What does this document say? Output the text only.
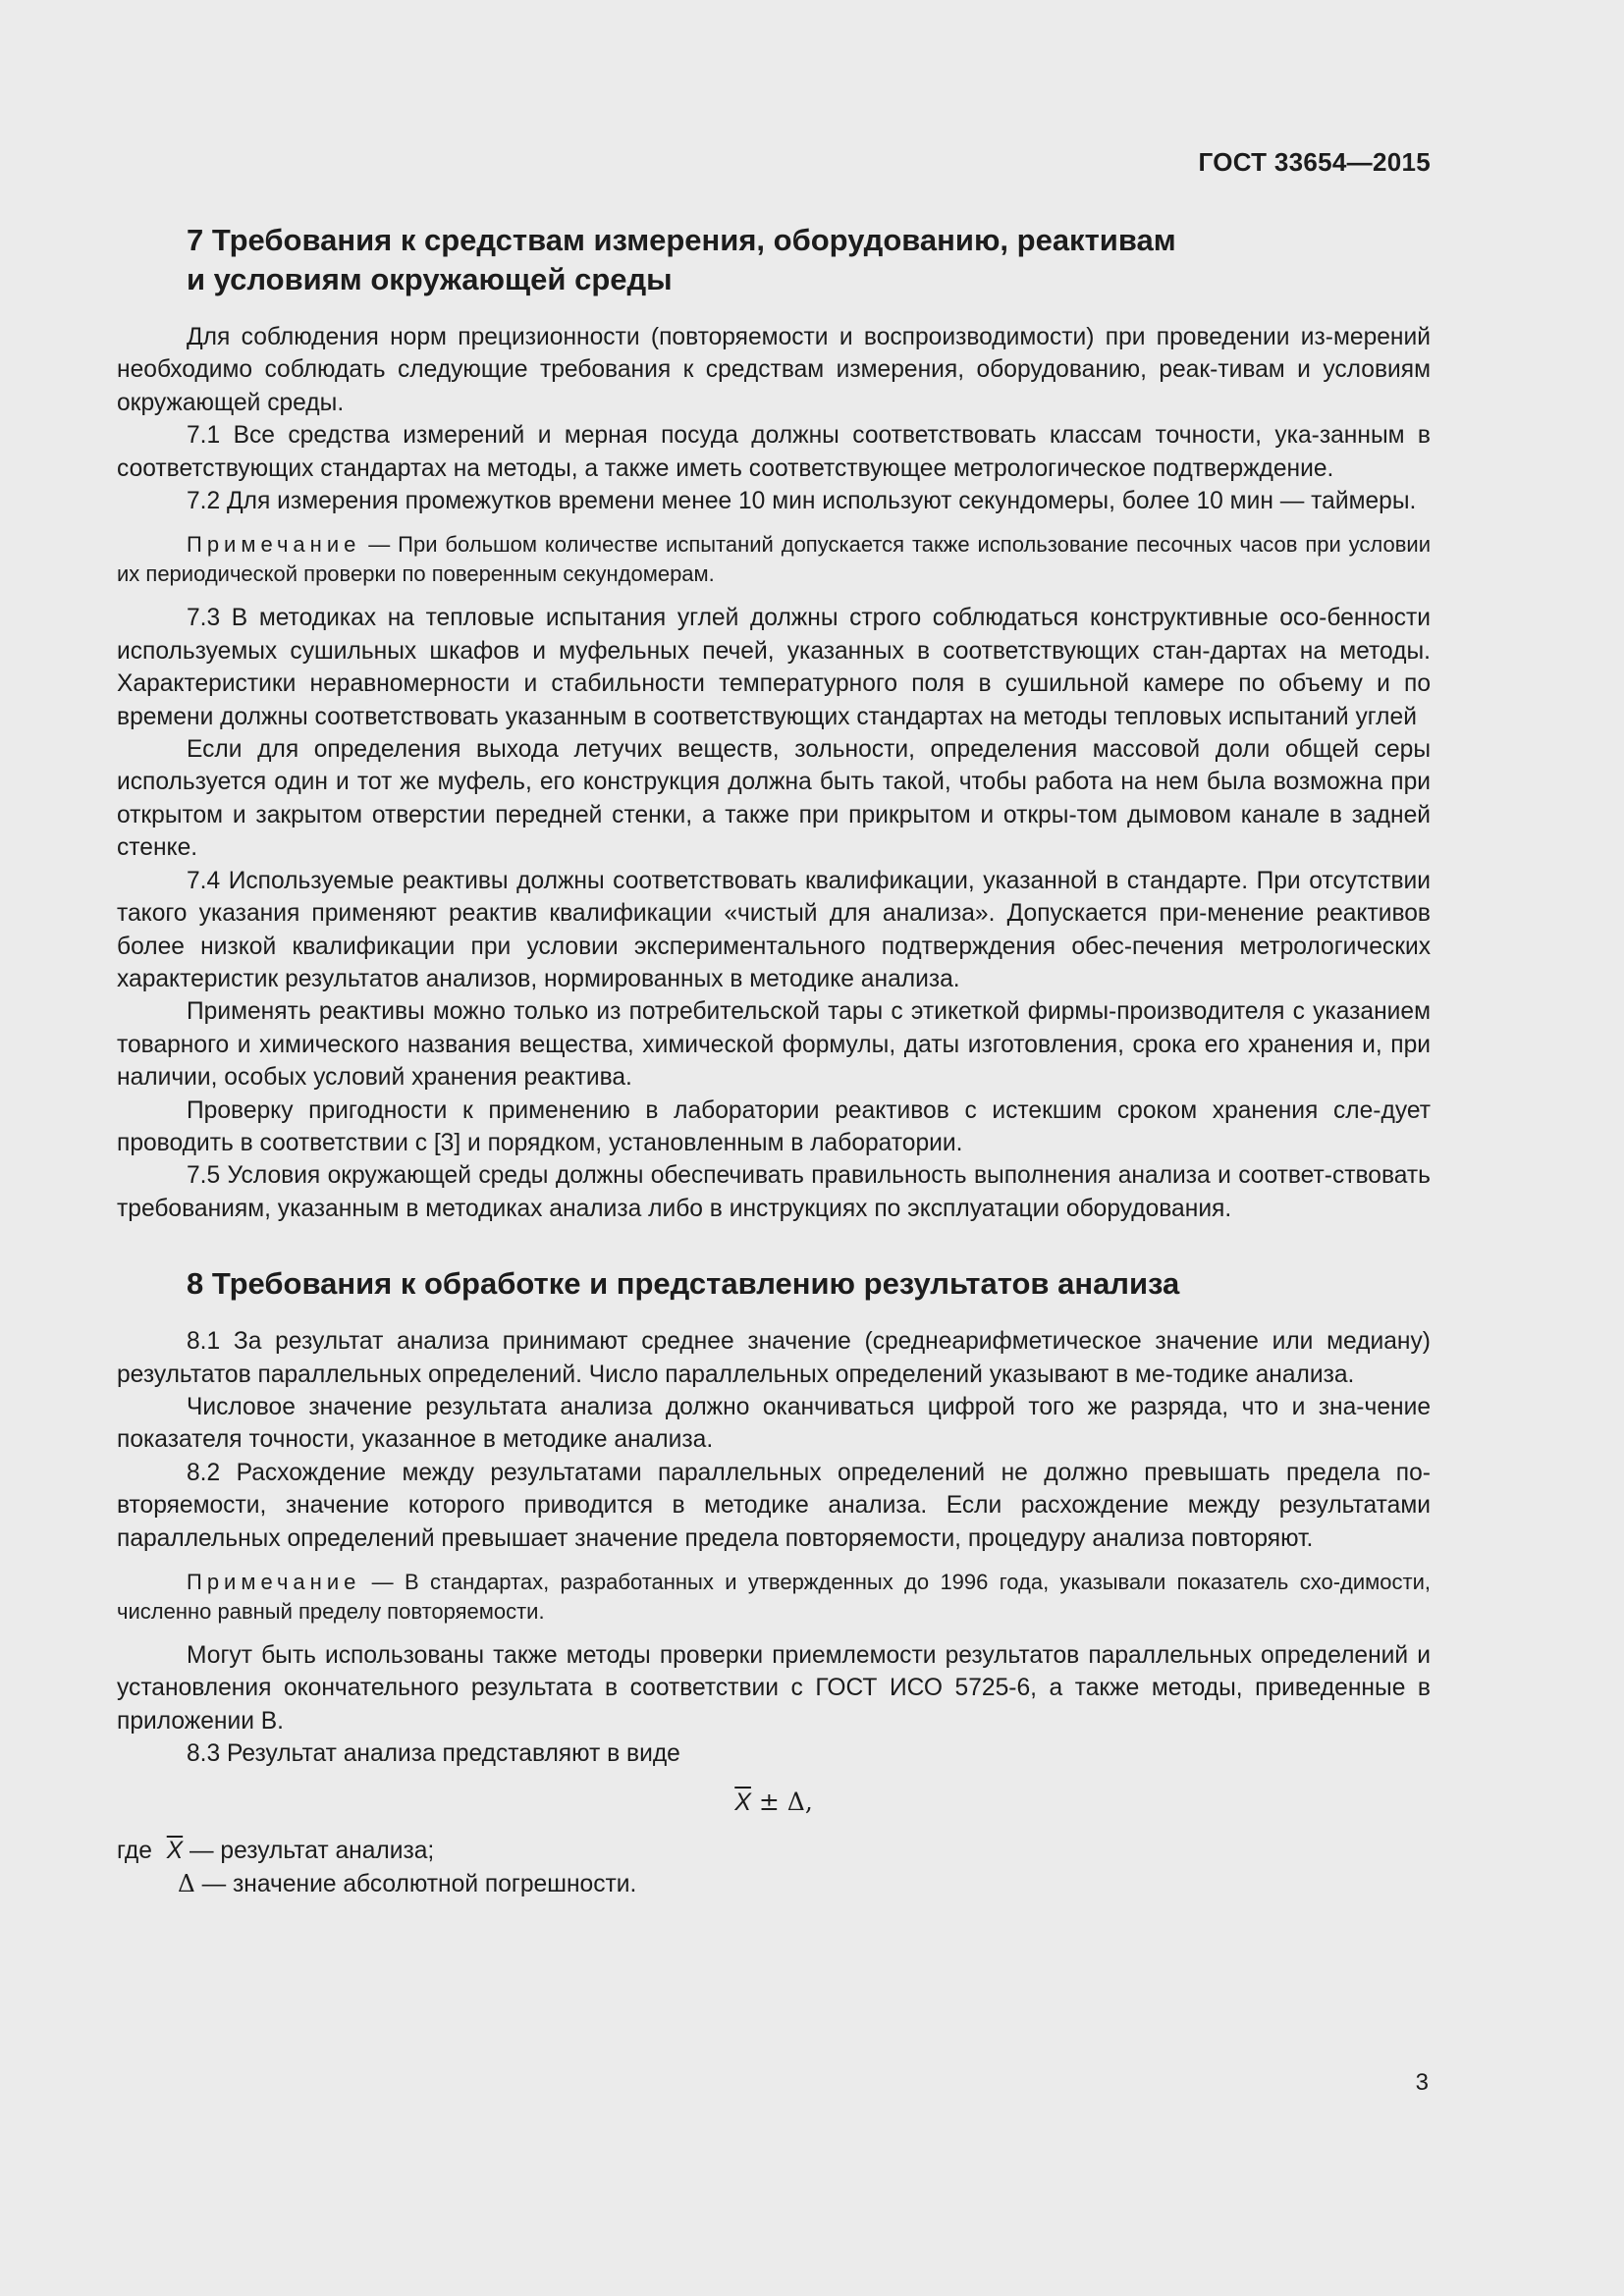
ГОСТ 33654—2015
7 Требования к средствам измерения, оборудованию, реактивам
и условиям окружающей среды

Для соблюдения норм прецизионности (повторяемости и воспроизводимости) при проведении из-мерений необходимо соблюдать следующие требования к средствам измерения, оборудованию, реак-тивам и условиям окружающей среды.

7.1 Все средства измерений и мерная посуда должны соответствовать классам точности, ука-занным в соответствующих стандартах на методы, а также иметь соответствующее метрологическое подтверждение.

7.2 Для измерения промежутков времени менее 10 мин используют секундомеры, более 10 мин — таймеры.

Примечание — При большом количестве испытаний допускается также использование песочных часов при условии их периодической проверки по поверенным секундомерам.

7.3 В методиках на тепловые испытания углей должны строго соблюдаться конструктивные осо-бенности используемых сушильных шкафов и муфельных печей, указанных в соответствующих стан-дартах на методы. Характеристики неравномерности и стабильности температурного поля в сушильной камере по объему и по времени должны соответствовать указанным в соответствующих стандартах на методы тепловых испытаний углей

Если для определения выхода летучих веществ, зольности, определения массовой доли общей серы используется один и тот же муфель, его конструкция должна быть такой, чтобы работа на нем была возможна при открытом и закрытом отверстии передней стенки, а также при прикрытом и откры-том дымовом канале в задней стенке.

7.4 Используемые реактивы должны соответствовать квалификации, указанной в стандарте. При отсутствии такого указания применяют реактив квалификации «чистый для анализа». Допускается при-менение реактивов более низкой квалификации при условии экспериментального подтверждения обес-печения метрологических характеристик результатов анализов, нормированных в методике анализа.

Применять реактивы можно только из потребительской тары с этикеткой фирмы-производителя с указанием товарного и химического названия вещества, химической формулы, даты изготовления, срока его хранения и, при наличии, особых условий хранения реактива.

Проверку пригодности к применению в лаборатории реактивов с истекшим сроком хранения сле-дует проводить в соответствии с [3] и порядком, установленным в лаборатории.

7.5 Условия окружающей среды должны обеспечивать правильность выполнения анализа и соответ-ствовать требованиям, указанным в методиках анализа либо в инструкциях по эксплуатации оборудования.

8 Требования к обработке и представлению результатов анализа

8.1 За результат анализа принимают среднее значение (среднеарифметическое значение или медиану) результатов параллельных определений. Число параллельных определений указывают в ме-тодике анализа.

Числовое значение результата анализа должно оканчиваться цифрой того же разряда, что и зна-чение показателя точности, указанное в методике анализа.

8.2 Расхождение между результатами параллельных определений не должно превышать предела по-вторяемости, значение которого приводится в методике анализа. Если расхождение между результатами параллельных определений превышает значение предела повторяемости, процедуру анализа повторяют.

Примечание — В стандартах, разработанных и утвержденных до 1996 года, указывали показатель схо-димости, численно равный пределу повторяемости.

Могут быть использованы также методы проверки приемлемости результатов параллельных определений и установления окончательного результата в соответствии с ГОСТ ИСО 5725-6, а также методы, приведенные в приложении В.

8.3 Результат анализа представляют в виде

$\overline{X} \pm \Delta$,
где $\overline{X}$ — результат анализа;
Δ — значение абсолютной погрешности.
3
